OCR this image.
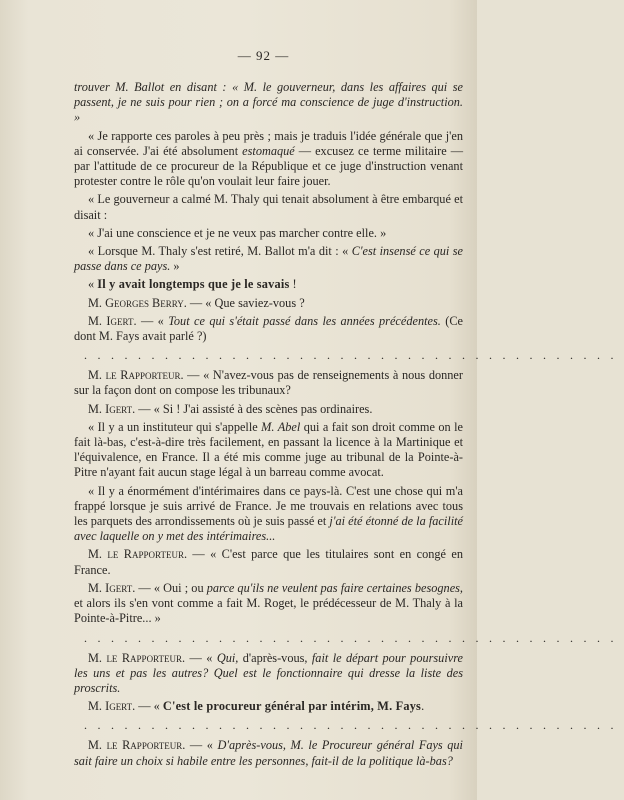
— 92 —

trouver M. Ballot en disant : « M. le gouverneur, dans les affaires qui se passent, je ne suis pour rien ; on a forcé ma conscience de juge d'instruction. »

« Je rapporte ces paroles à peu près ; mais je traduis l'idée générale que j'en ai conservée. J'ai été absolument estomaqué — excusez ce terme militaire — par l'attitude de ce procureur de la République et ce juge d'instruction venant protester contre le rôle qu'on voulait leur faire jouer.

« Le gouverneur a calmé M. Thaly qui tenait absolument à être embarqué et disait :

« J'ai une conscience et je ne veux pas marcher contre elle. »

« Lorsque M. Thaly s'est retiré, M. Ballot m'a dit : « C'est insensé ce qui se passe dans ce pays. »

« Il y avait longtemps que je le savais !

M. Georges Berry. — « Que saviez-vous ?

M. Igert. — « Tout ce qui s'était passé dans les années précédentes. (Ce dont M. Fays avait parlé ?)

........................................

M. le Rapporteur. — « N'avez-vous pas de renseignements à nous donner sur la façon dont on compose les tribunaux?

M. Igert. — « Si ! J'ai assisté à des scènes pas ordinaires.

« Il y a un instituteur qui s'appelle M. Abel qui a fait son droit comme on le fait là-bas, c'est-à-dire très facilement, en passant la licence à la Martinique et l'équivalence, en France. Il a été mis comme juge au tribunal de la Pointe-à-Pitre n'ayant fait aucun stage légal à un barreau comme avocat.

« Il y a énormément d'intérimaires dans ce pays-là. C'est une chose qui m'a frappé lorsque je suis arrivé de France. Je me trouvais en relations avec tous les parquets des arrondissements où je suis passé et j'ai été étonné de la facilité avec laquelle on y met des intérimaires...

M. le Rapporteur. — « C'est parce que les titulaires sont en congé en France.

M. Igert. — « Oui ; ou parce qu'ils ne veulent pas faire certaines besognes, et alors ils s'en vont comme a fait M. Roget, le prédécesseur de M. Thaly à la Pointe-à-Pitre... »

........................................

M. le Rapporteur. — « Qui, d'après-vous, fait le départ pour poursuivre les uns et pas les autres? Quel est le fonctionnaire qui dresse la liste des proscrits.

M. Igert. — « C'est le procureur général par intérim, M. Fays.

........................................

M. le Rapporteur. — « D'après-vous, M. le Procureur général Fays qui sait faire un choix si habile entre les personnes, fait-il de la politique là-bas?
